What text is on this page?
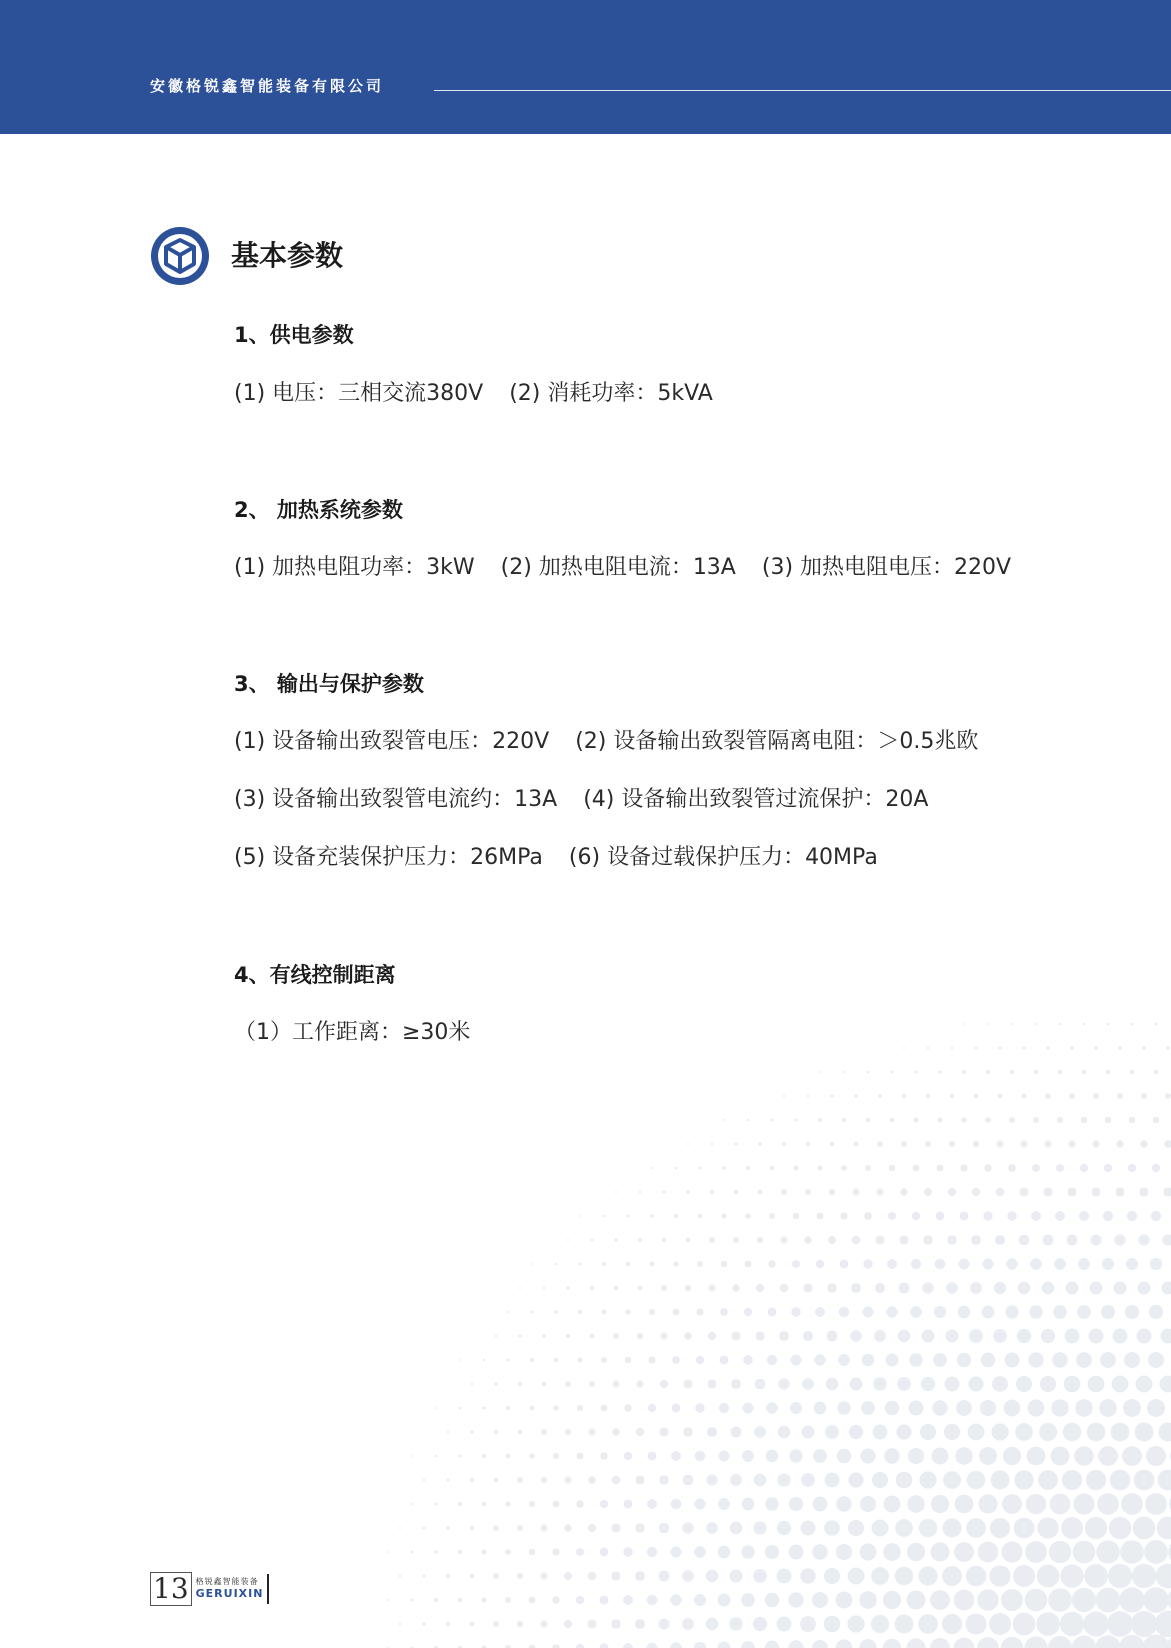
安徽格锐鑫智能装备有限公司
基本参数
1、供电参数
(1) 电压：三相交流380V (2) 消耗功率：5kVA
2、 加热系统参数
(1) 加热电阻功率：3kW (2) 加热电阻电流：13A (3) 加热电阻电压：220V
3、 输出与保护参数
(1) 设备输出致裂管电压：220V (2) 设备输出致裂管隔离电阻：＞0.5兆欧
(3) 设备输出致裂管电流约：13A (4) 设备输出致裂管过流保护：20A
(5) 设备充装保护压力：26MPa (6) 设备过载保护压力：40MPa
4、有线控制距离
（1）工作距离：≥30米
13 格锐鑫智能装备
GERUIXIN
